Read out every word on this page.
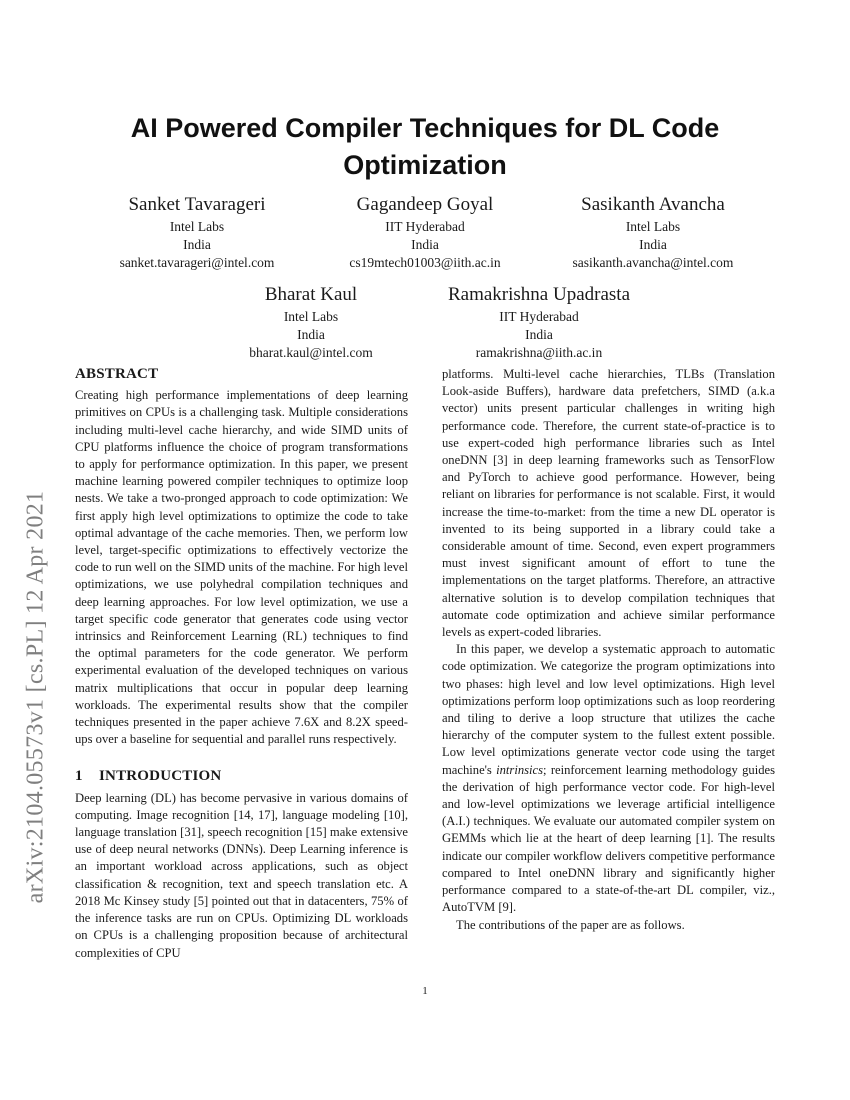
arXiv:2104.05573v1 [cs.PL] 12 Apr 2021
AI Powered Compiler Techniques for DL Code Optimization
Sanket Tavarageri
Intel Labs
India
sanket.tavarageri@intel.com
Gagandeep Goyal
IIT Hyderabad
India
cs19mtech01003@iith.ac.in
Sasikanth Avancha
Intel Labs
India
sasikanth.avancha@intel.com
Bharat Kaul
Intel Labs
India
bharat.kaul@intel.com
Ramakrishna Upadrasta
IIT Hyderabad
India
ramakrishna@iith.ac.in
ABSTRACT

Creating high performance implementations of deep learning primitives on CPUs is a challenging task. Multiple considerations including multi-level cache hierarchy, and wide SIMD units of CPU platforms influence the choice of program transformations to apply for performance optimization. In this paper, we present machine learning powered compiler techniques to optimize loop nests. We take a two-pronged approach to code optimization: We first apply high level optimizations to optimize the code to take optimal advantage of the cache memories. Then, we perform low level, target-specific optimizations to effectively vectorize the code to run well on the SIMD units of the machine. For high level optimizations, we use polyhedral compilation techniques and deep learning approaches. For low level optimization, we use a target specific code generator that generates code using vector intrinsics and Reinforcement Learning (RL) techniques to find the optimal parameters for the code generator. We perform experimental evaluation of the developed techniques on various matrix multiplications that occur in popular deep learning workloads. The experimental results show that the compiler techniques presented in the paper achieve 7.6X and 8.2X speed-ups over a baseline for sequential and parallel runs respectively.

1 INTRODUCTION

Deep learning (DL) has become pervasive in various domains of computing. Image recognition [14, 17], language modeling [10], language translation [31], speech recognition [15] make extensive use of deep neural networks (DNNs). Deep Learning inference is an important workload across applications, such as object classification & recognition, text and speech translation etc. A 2018 Mc Kinsey study [5] pointed out that in datacenters, 75% of the inference tasks are run on CPUs. Optimizing DL workloads on CPUs is a challenging proposition because of architectural complexities of CPU

platforms. Multi-level cache hierarchies, TLBs (Translation Look-aside Buffers), hardware data prefetchers, SIMD (a.k.a vector) units present particular challenges in writing high performance code. Therefore, the current state-of-practice is to use expert-coded high performance libraries such as Intel oneDNN [3] in deep learning frameworks such as TensorFlow and PyTorch to achieve good performance. However, being reliant on libraries for performance is not scalable. First, it would increase the time-to-market: from the time a new DL operator is invented to its being supported in a library could take a considerable amount of time. Second, even expert programmers must invest significant amount of effort to tune the implementations on the target platforms. Therefore, an attractive alternative solution is to develop compilation techniques that automate code optimization and achieve similar performance levels as expert-coded libraries.

In this paper, we develop a systematic approach to automatic code optimization. We categorize the program optimizations into two phases: high level and low level optimizations. High level optimizations perform loop optimizations such as loop reordering and tiling to derive a loop structure that utilizes the cache hierarchy of the computer system to the fullest extent possible. Low level optimizations generate vector code using the target machine's intrinsics; reinforcement learning methodology guides the derivation of high performance vector code. For high-level and low-level optimizations we leverage artificial intelligence (A.I.) techniques. We evaluate our automated compiler system on GEMMs which lie at the heart of deep learning [1]. The results indicate our compiler workflow delivers competitive performance compared to Intel oneDNN library and significantly higher performance compared to a state-of-the-art DL compiler, viz., AutoTVM [9].

The contributions of the paper are as follows.

1
